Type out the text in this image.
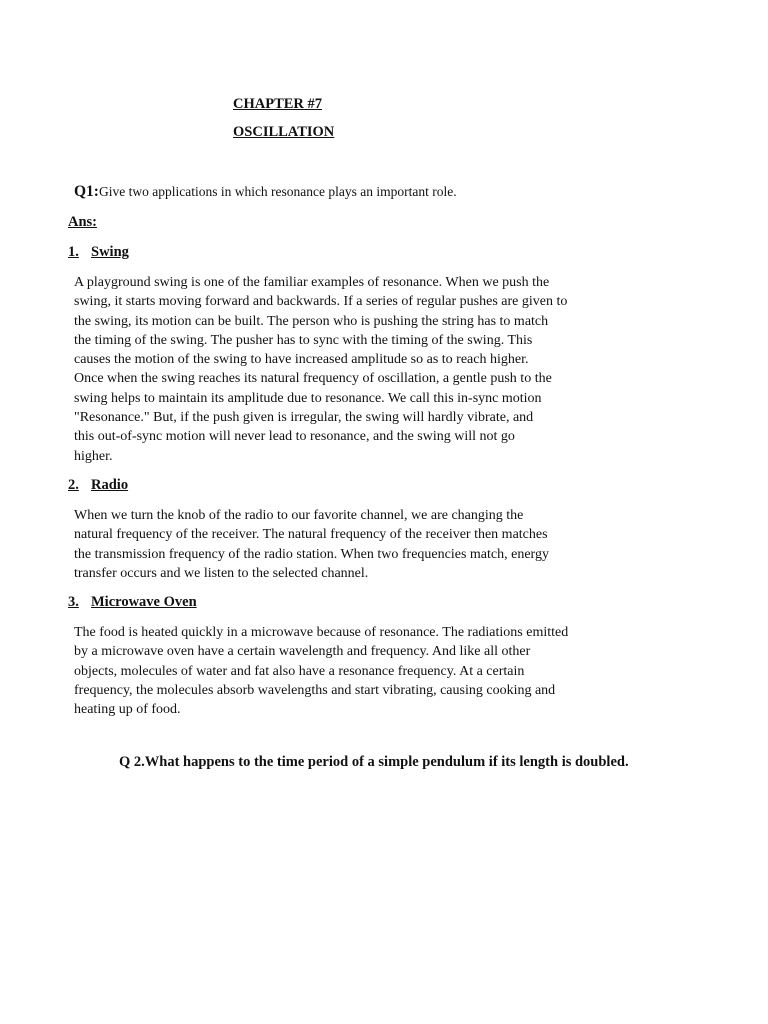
CHAPTER #7
OSCILLATION
Q1:Give two applications in which resonance plays an important role.
Ans:
1. Swing
A playground swing is one of the familiar examples of resonance. When we push the
swing, it starts moving forward and backwards. If a series of regular pushes are given to
the swing, its motion can be built. The person who is pushing the string has to match
the timing of the swing. The pusher has to sync with the timing of the swing. This
causes the motion of the swing to have increased amplitude so as to reach higher.
Once when the swing reaches its natural frequency of oscillation, a gentle push to the
swing helps to maintain its amplitude due to resonance. We call this in-sync motion
"Resonance." But, if the push given is irregular, the swing will hardly vibrate, and
this out-of-sync motion will never lead to resonance, and the swing will not go
higher.
2. Radio
When we turn the knob of the radio to our favorite channel, we are changing the
natural frequency of the receiver. The natural frequency of the receiver then matches
the transmission frequency of the radio station. When two frequencies match, energy
transfer occurs and we listen to the selected channel.
3. Microwave Oven
The food is heated quickly in a microwave because of resonance. The radiations emitted
by a microwave oven have a certain wavelength and frequency. And like all other
objects, molecules of water and fat also have a resonance frequency. At a certain
frequency, the molecules absorb wavelengths and start vibrating, causing cooking and
heating up of food.
Q 2.What happens to the time period of a simple pendulum if its length is doubled.
